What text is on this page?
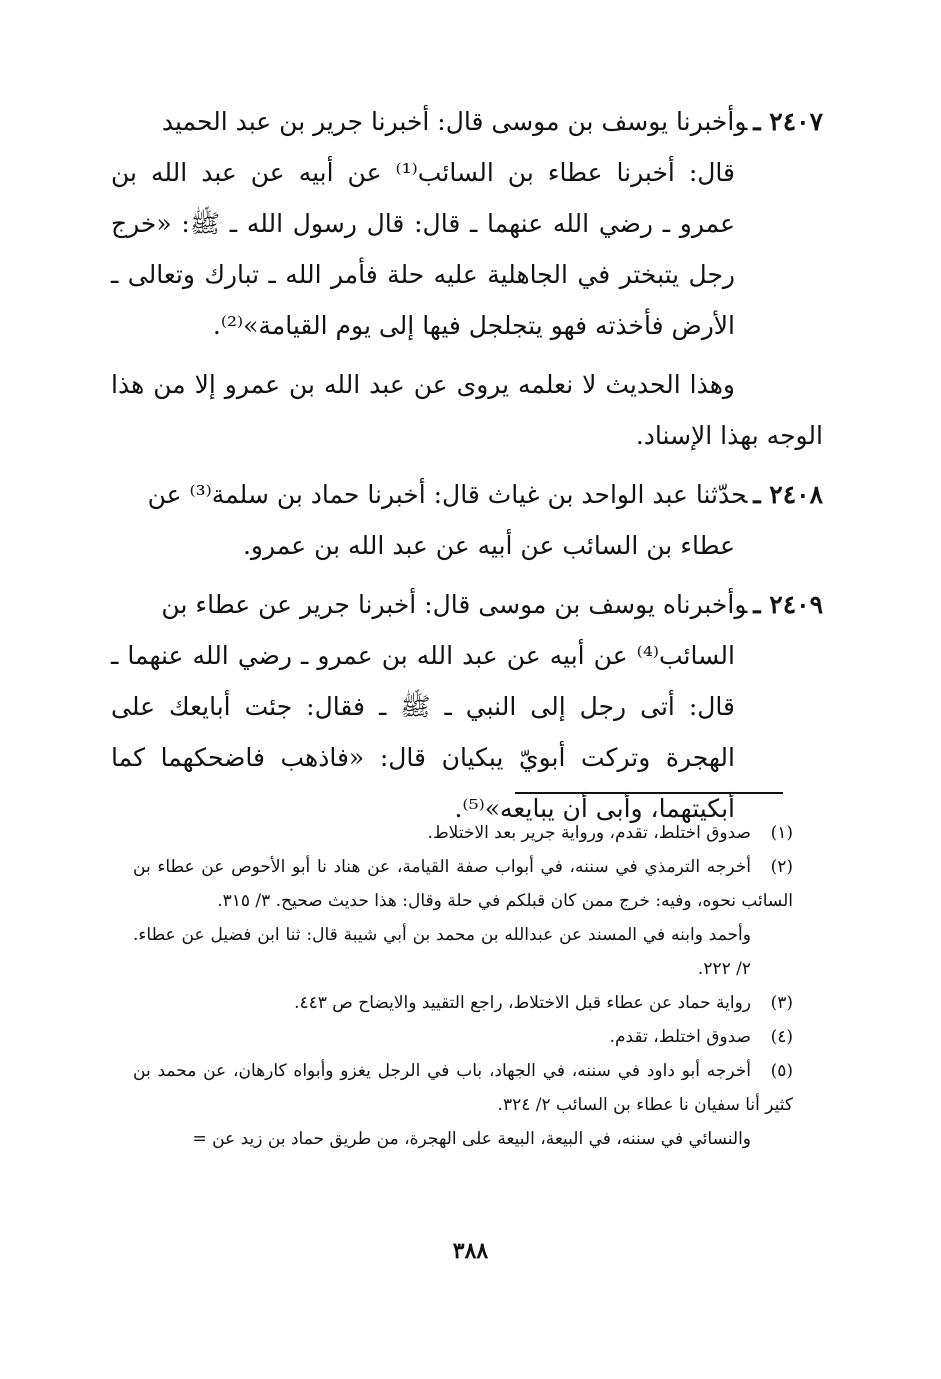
٢٤٠٧ ـوأخبرنا يوسف بن موسى قال: أخبرنا جرير بن عبد الحميد
قال: أخبرنا عطاء بن السائب⁽¹⁾ عن أبيه عن عبد الله بن عمرو ـ رضي الله عنهما ـ قال: قال رسول الله ـ ﷺ: «خرج رجل يتبختر في الجاهلية عليه حلة فأمر الله ـ تبارك وتعالى ـ الأرض فأخذته فهو يتجلجل فيها إلى يوم القيامة»⁽²⁾.
وهذا الحديث لا نعلمه يروى عن عبد الله بن عمرو إلا من هذا الوجه بهذا الإسناد.
٢٤٠٨ ـحدّثنا عبد الواحد بن غياث قال: أخبرنا حماد بن سلمة⁽³⁾ عن
عطاء بن السائب عن أبيه عن عبد الله بن عمرو.
٢٤٠٩ ـوأخبرناه يوسف بن موسى قال: أخبرنا جرير عن عطاء بن
السائب⁽⁴⁾ عن أبيه عن عبد الله بن عمرو ـ رضي الله عنهما ـ قال: أتى رجل إلى النبي ـ ﷺ ـ فقال: جئت أبايعك على الهجرة وتركت أبويّ يبكيان قال: «فاذهب فاضحكهما كما أبكيتهما، وأبى أن يبايعه»⁽⁵⁾.
(١)صدوق اختلط، تقدم، ورواية جرير بعد الاختلاط.
(٢)أخرجه الترمذي في سننه، في أبواب صفة القيامة، عن هناد نا أبو الأحوص عن عطاء بن السائب نحوه، وفيه: خرج ممن كان قبلكم في حلة وقال: هذا حديث صحيح. ٣/ ٣١٥.
وأحمد وابنه في المسند عن عبدالله بن محمد بن أبي شيبة قال: ثنا ابن فضيل عن عطاء. ٢/ ٢٢٢.
(٣)رواية حماد عن عطاء قبل الاختلاط، راجع التقييد والايضاح ص ٤٤٣.
(٤)صدوق اختلط، تقدم.
(٥)أخرجه أبو داود في سننه، في الجهاد، باب في الرجل يغزو وأبواه كارهان، عن محمد بن كثير أنا سفيان نا عطاء بن السائب ٢/ ٣٢٤.
والنسائي في سننه، في البيعة، البيعة على الهجرة، من طريق حماد بن زيد عن =
٣٨٨
